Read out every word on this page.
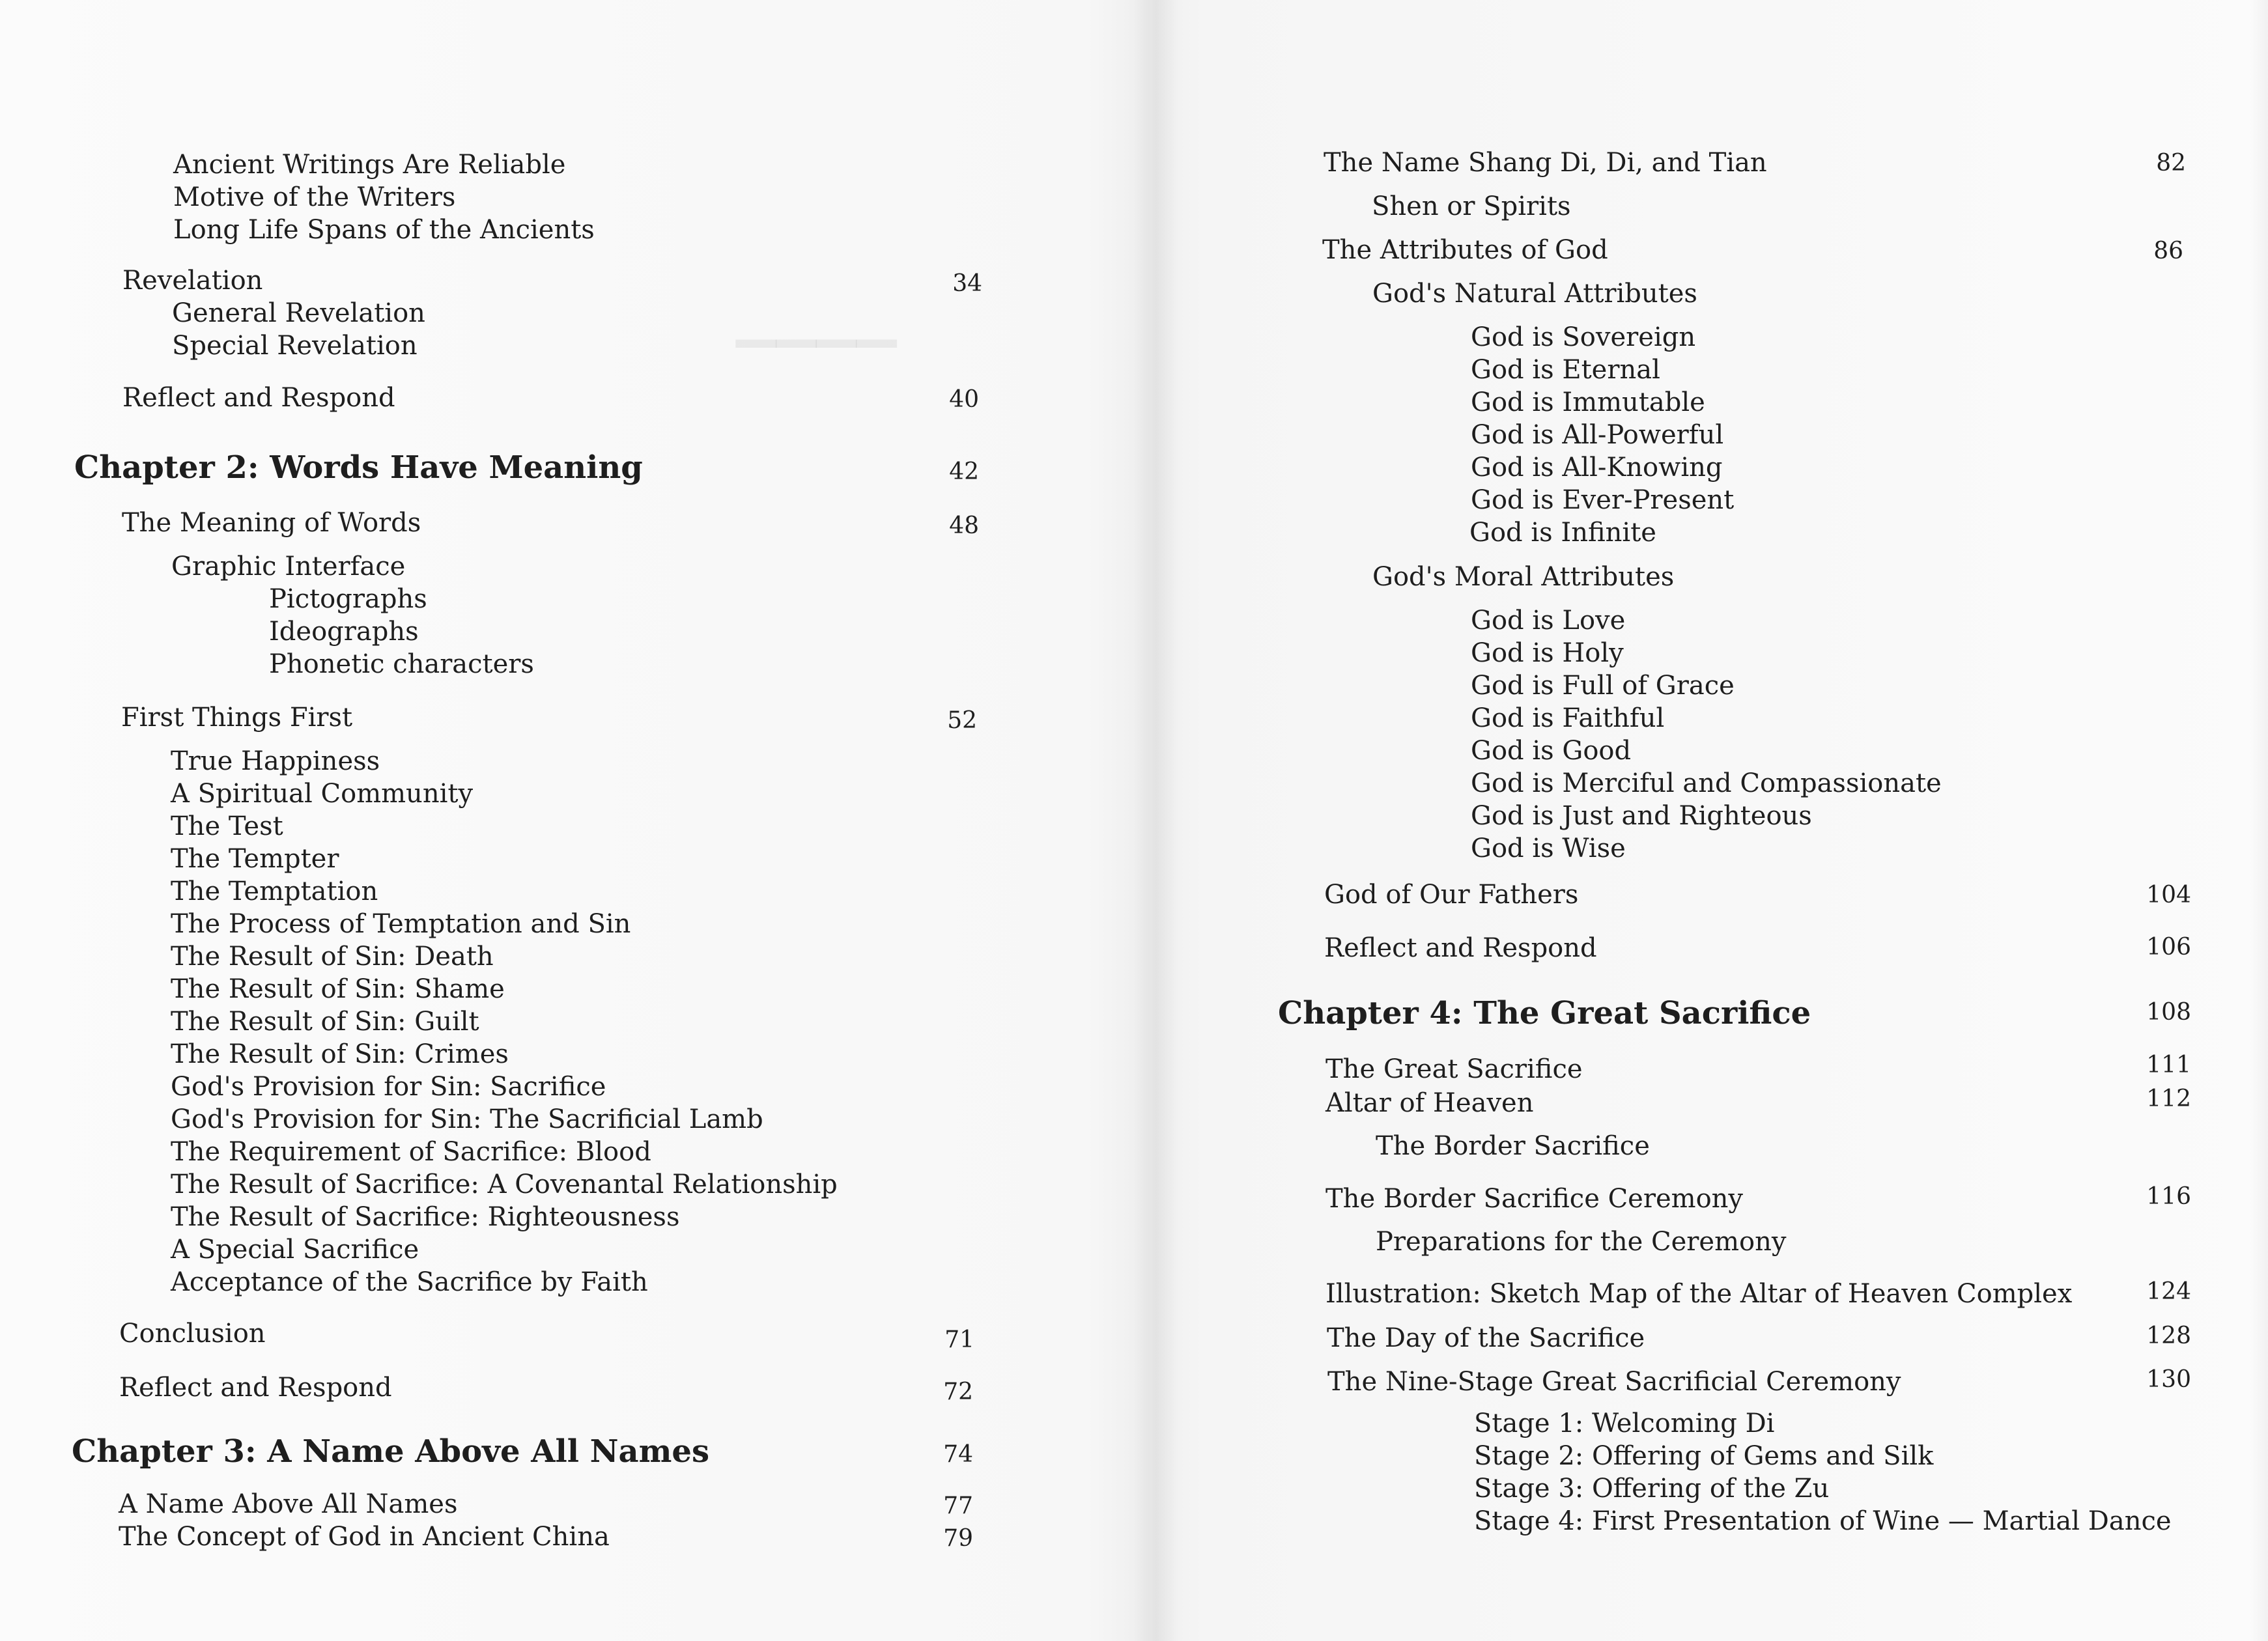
▁▁▁▁
Ancient Writings Are Reliable
Motive of the Writers
Long Life Spans of the Ancients
Revelation	34
General Revelation
Special Revelation
Reflect and Respond	40
Chapter 2: Words Have Meaning	42
The Meaning of Words	48
Graphic Interface
Pictographs
Ideographs
Phonetic characters
First Things First	52
True Happiness
A Spiritual Community
The Test
The Tempter
The Temptation
The Process of Temptation and Sin
The Result of Sin: Death
The Result of Sin: Shame
The Result of Sin: Guilt
The Result of Sin: Crimes
God's Provision for Sin: Sacrifice
God's Provision for Sin: The Sacrificial Lamb
The Requirement of Sacrifice: Blood
The Result of Sacrifice: A Covenantal Relationship
The Result of Sacrifice: Righteousness
A Special Sacrifice
Acceptance of the Sacrifice by Faith
Conclusion	71
Reflect and Respond	72
Chapter 3: A Name Above All Names	74
A Name Above All Names	77
The Concept of God in Ancient China	79
The Name Shang Di, Di, and Tian	82
Shen or Spirits
The Attributes of God	86
God's Natural Attributes
God is Sovereign
God is Eternal
God is Immutable
God is All-Powerful
God is All-Knowing
God is Ever-Present
God is Infinite
God's Moral Attributes
God is Love
God is Holy
God is Full of Grace
God is Faithful
God is Good
God is Merciful and Compassionate
God is Just and Righteous
God is Wise
God of Our Fathers	104
Reflect and Respond	106
Chapter 4: The Great Sacrifice	108
The Great Sacrifice	111
Altar of Heaven	112
The Border Sacrifice
The Border Sacrifice Ceremony	116
Preparations for the Ceremony
Illustration: Sketch Map of the Altar of Heaven Complex	124
The Day of the Sacrifice	128
The Nine-Stage Great Sacrificial Ceremony	130
Stage 1: Welcoming Di
Stage 2: Offering of Gems and Silk
Stage 3: Offering of the Zu
Stage 4: First Presentation of Wine — Martial Dance
